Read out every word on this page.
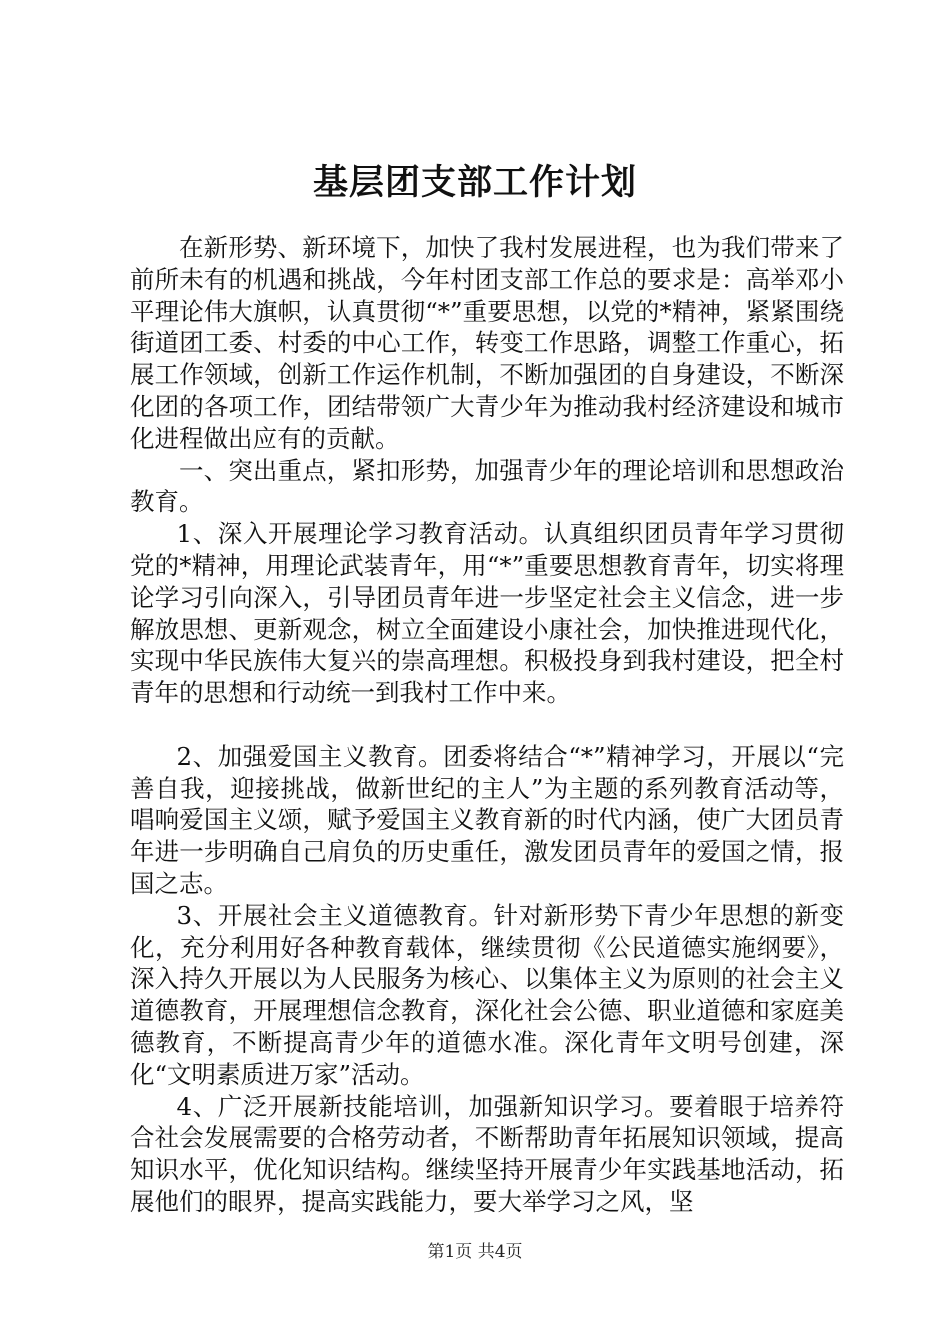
基层团支部工作计划

在新形势、新环境下，加快了我村发展进程，也为我们带来了前所未有的机遇和挑战，今年村团支部工作总的要求是：高举邓小平理论伟大旗帜，认真贯彻“*”重要思想，以党的*精神，紧紧围绕街道团工委、村委的中心工作，转变工作思路，调整工作重心，拓展工作领域，创新工作运作机制，不断加强团的自身建设，不断深化团的各项工作，团结带领广大青少年为推动我村经济建设和城市化进程做出应有的贡献。

一、突出重点，紧扣形势，加强青少年的理论培训和思想政治教育。

1、深入开展理论学习教育活动。认真组织团员青年学习贯彻党的*精神，用理论武装青年，用“*”重要思想教育青年，切实将理论学习引向深入，引导团员青年进一步坚定社会主义信念，进一步解放思想、更新观念，树立全面建设小康社会，加快推进现代化，实现中华民族伟大复兴的崇高理想。积极投身到我村建设，把全村青年的思想和行动统一到我村工作中来。

2、加强爱国主义教育。团委将结合“*”精神学习，开展以“完善自我，迎接挑战，做新世纪的主人”为主题的系列教育活动等，唱响爱国主义颂，赋予爱国主义教育新的时代内涵，使广大团员青年进一步明确自己肩负的历史重任，激发团员青年的爱国之情，报国之志。

3、开展社会主义道德教育。针对新形势下青少年思想的新变化，充分利用好各种教育载体，继续贯彻《公民道德实施纲要》，深入持久开展以为人民服务为核心、以集体主义为原则的社会主义道德教育，开展理想信念教育，深化社会公德、职业道德和家庭美德教育，不断提高青少年的道德水准。深化青年文明号创建，深化“文明素质进万家”活动。

4、广泛开展新技能培训，加强新知识学习。要着眼于培养符合社会发展需要的合格劳动者，不断帮助青年拓展知识领域，提高知识水平，优化知识结构。继续坚持开展青少年实践基地活动，拓展他们的眼界，提高实践能力，要大举学习之风，坚

第1页 共4页
